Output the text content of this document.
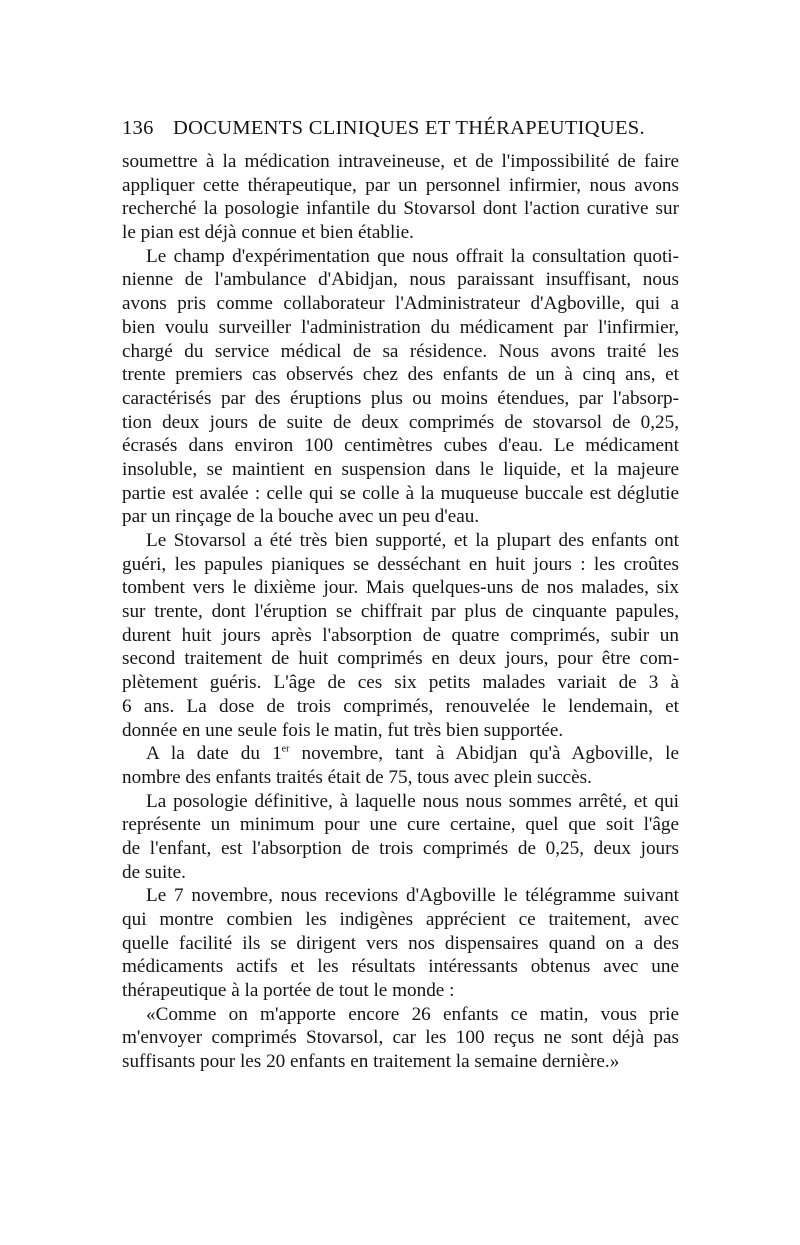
136 DOCUMENTS CLINIQUES ET THÉRAPEUTIQUES.
soumettre à la médication intraveineuse, et de l'impossibilité de faire
appliquer cette thérapeutique, par un personnel infirmier, nous avons
recherché la posologie infantile du Stovarsol dont l'action curative sur
le pian est déjà connue et bien établie.
Le champ d'expérimentation que nous offrait la consultation quoti-
nienne de l'ambulance d'Abidjan, nous paraissant insuffisant, nous
avons pris comme collaborateur l'Administrateur d'Agboville, qui a
bien voulu surveiller l'administration du médicament par l'infirmier,
chargé du service médical de sa résidence. Nous avons traité les
trente premiers cas observés chez des enfants de un à cinq ans, et
caractérisés par des éruptions plus ou moins étendues, par l'absorp-
tion deux jours de suite de deux comprimés de stovarsol de 0,25,
écrasés dans environ 100 centimètres cubes d'eau. Le médicament
insoluble, se maintient en suspension dans le liquide, et la majeure
partie est avalée : celle qui se colle à la muqueuse buccale est déglutie
par un rinçage de la bouche avec un peu d'eau.
Le Stovarsol a été très bien supporté, et la plupart des enfants ont
guéri, les papules pianiques se desséchant en huit jours : les croûtes
tombent vers le dixième jour. Mais quelques-uns de nos malades, six
sur trente, dont l'éruption se chiffrait par plus de cinquante papules,
durent huit jours après l'absorption de quatre comprimés, subir un
second traitement de huit comprimés en deux jours, pour être com-
plètement guéris. L'âge de ces six petits malades variait de 3 à
6 ans. La dose de trois comprimés, renouvelée le lendemain, et
donnée en une seule fois le matin, fut très bien supportée.
A la date du 1er novembre, tant à Abidjan qu'à Agboville, le
nombre des enfants traités était de 75, tous avec plein succès.
La posologie définitive, à laquelle nous nous sommes arrêté, et qui
représente un minimum pour une cure certaine, quel que soit l'âge
de l'enfant, est l'absorption de trois comprimés de 0,25, deux jours
de suite.
Le 7 novembre, nous recevions d'Agboville le télégramme suivant
qui montre combien les indigènes apprécient ce traitement, avec
quelle facilité ils se dirigent vers nos dispensaires quand on a des
médicaments actifs et les résultats intéressants obtenus avec une
thérapeutique à la portée de tout le monde :
«Comme on m'apporte encore 26 enfants ce matin, vous prie
m'envoyer comprimés Stovarsol, car les 100 reçus ne sont déjà pas
suffisants pour les 20 enfants en traitement la semaine dernière.»
